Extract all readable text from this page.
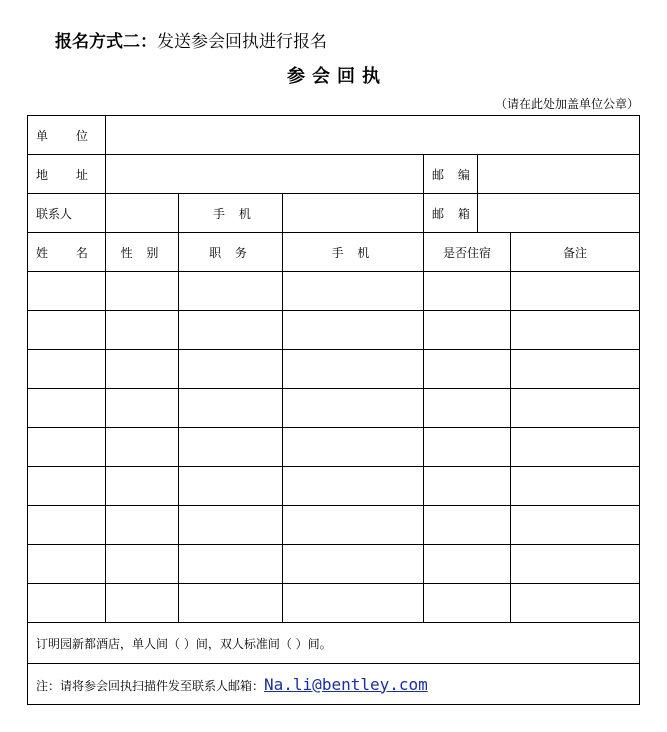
报名方式二：发送参会回执进行报名
参会回执
（请在此处加盖单位公章）
单 位						
地 址				邮 编		
联系人		手 机		邮 箱		
姓 名	性 别	职 务	手 机	是否住宿		备注

订明园新都酒店，单人间（ ）间，双人标准间（ ）间。						
注：请将参会回执扫描件发至联系人邮箱：Na.li@bentley.com						
